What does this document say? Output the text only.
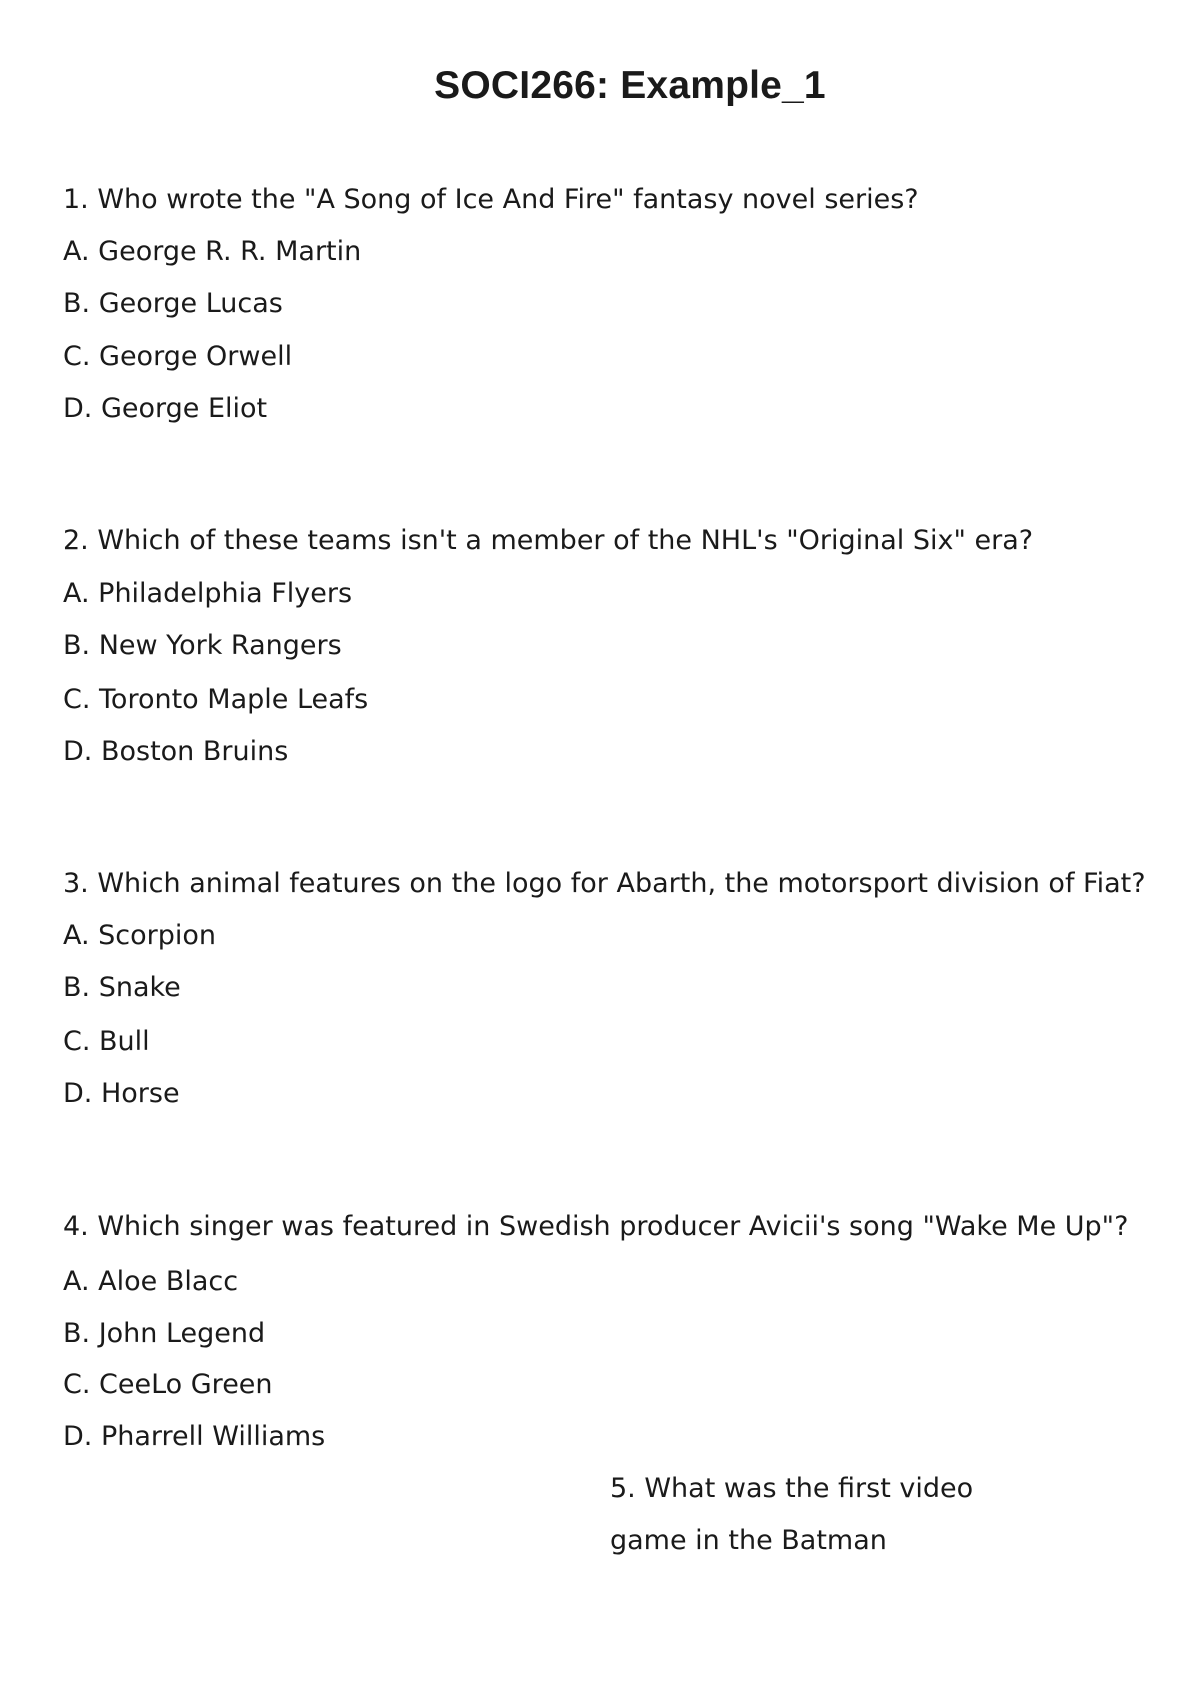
SOCI266: Example_1
1. Who wrote the "A Song of Ice And Fire" fantasy novel series?
A. George R. R. Martin
B. George Lucas
C. George Orwell
D. George Eliot
2. Which of these teams isn't a member of the NHL's "Original Six" era?
A. Philadelphia Flyers
B. New York Rangers
C. Toronto Maple Leafs
D. Boston Bruins
3. Which animal features on the logo for Abarth, the motorsport division of Fiat?
A. Scorpion
B. Snake
C. Bull
D. Horse
4. Which singer was featured in Swedish producer Avicii's song "Wake Me Up"?
A. Aloe Blacc
B. John Legend
C. CeeLo Green
D. Pharrell Williams
5. What was the first video
game in the Batman
